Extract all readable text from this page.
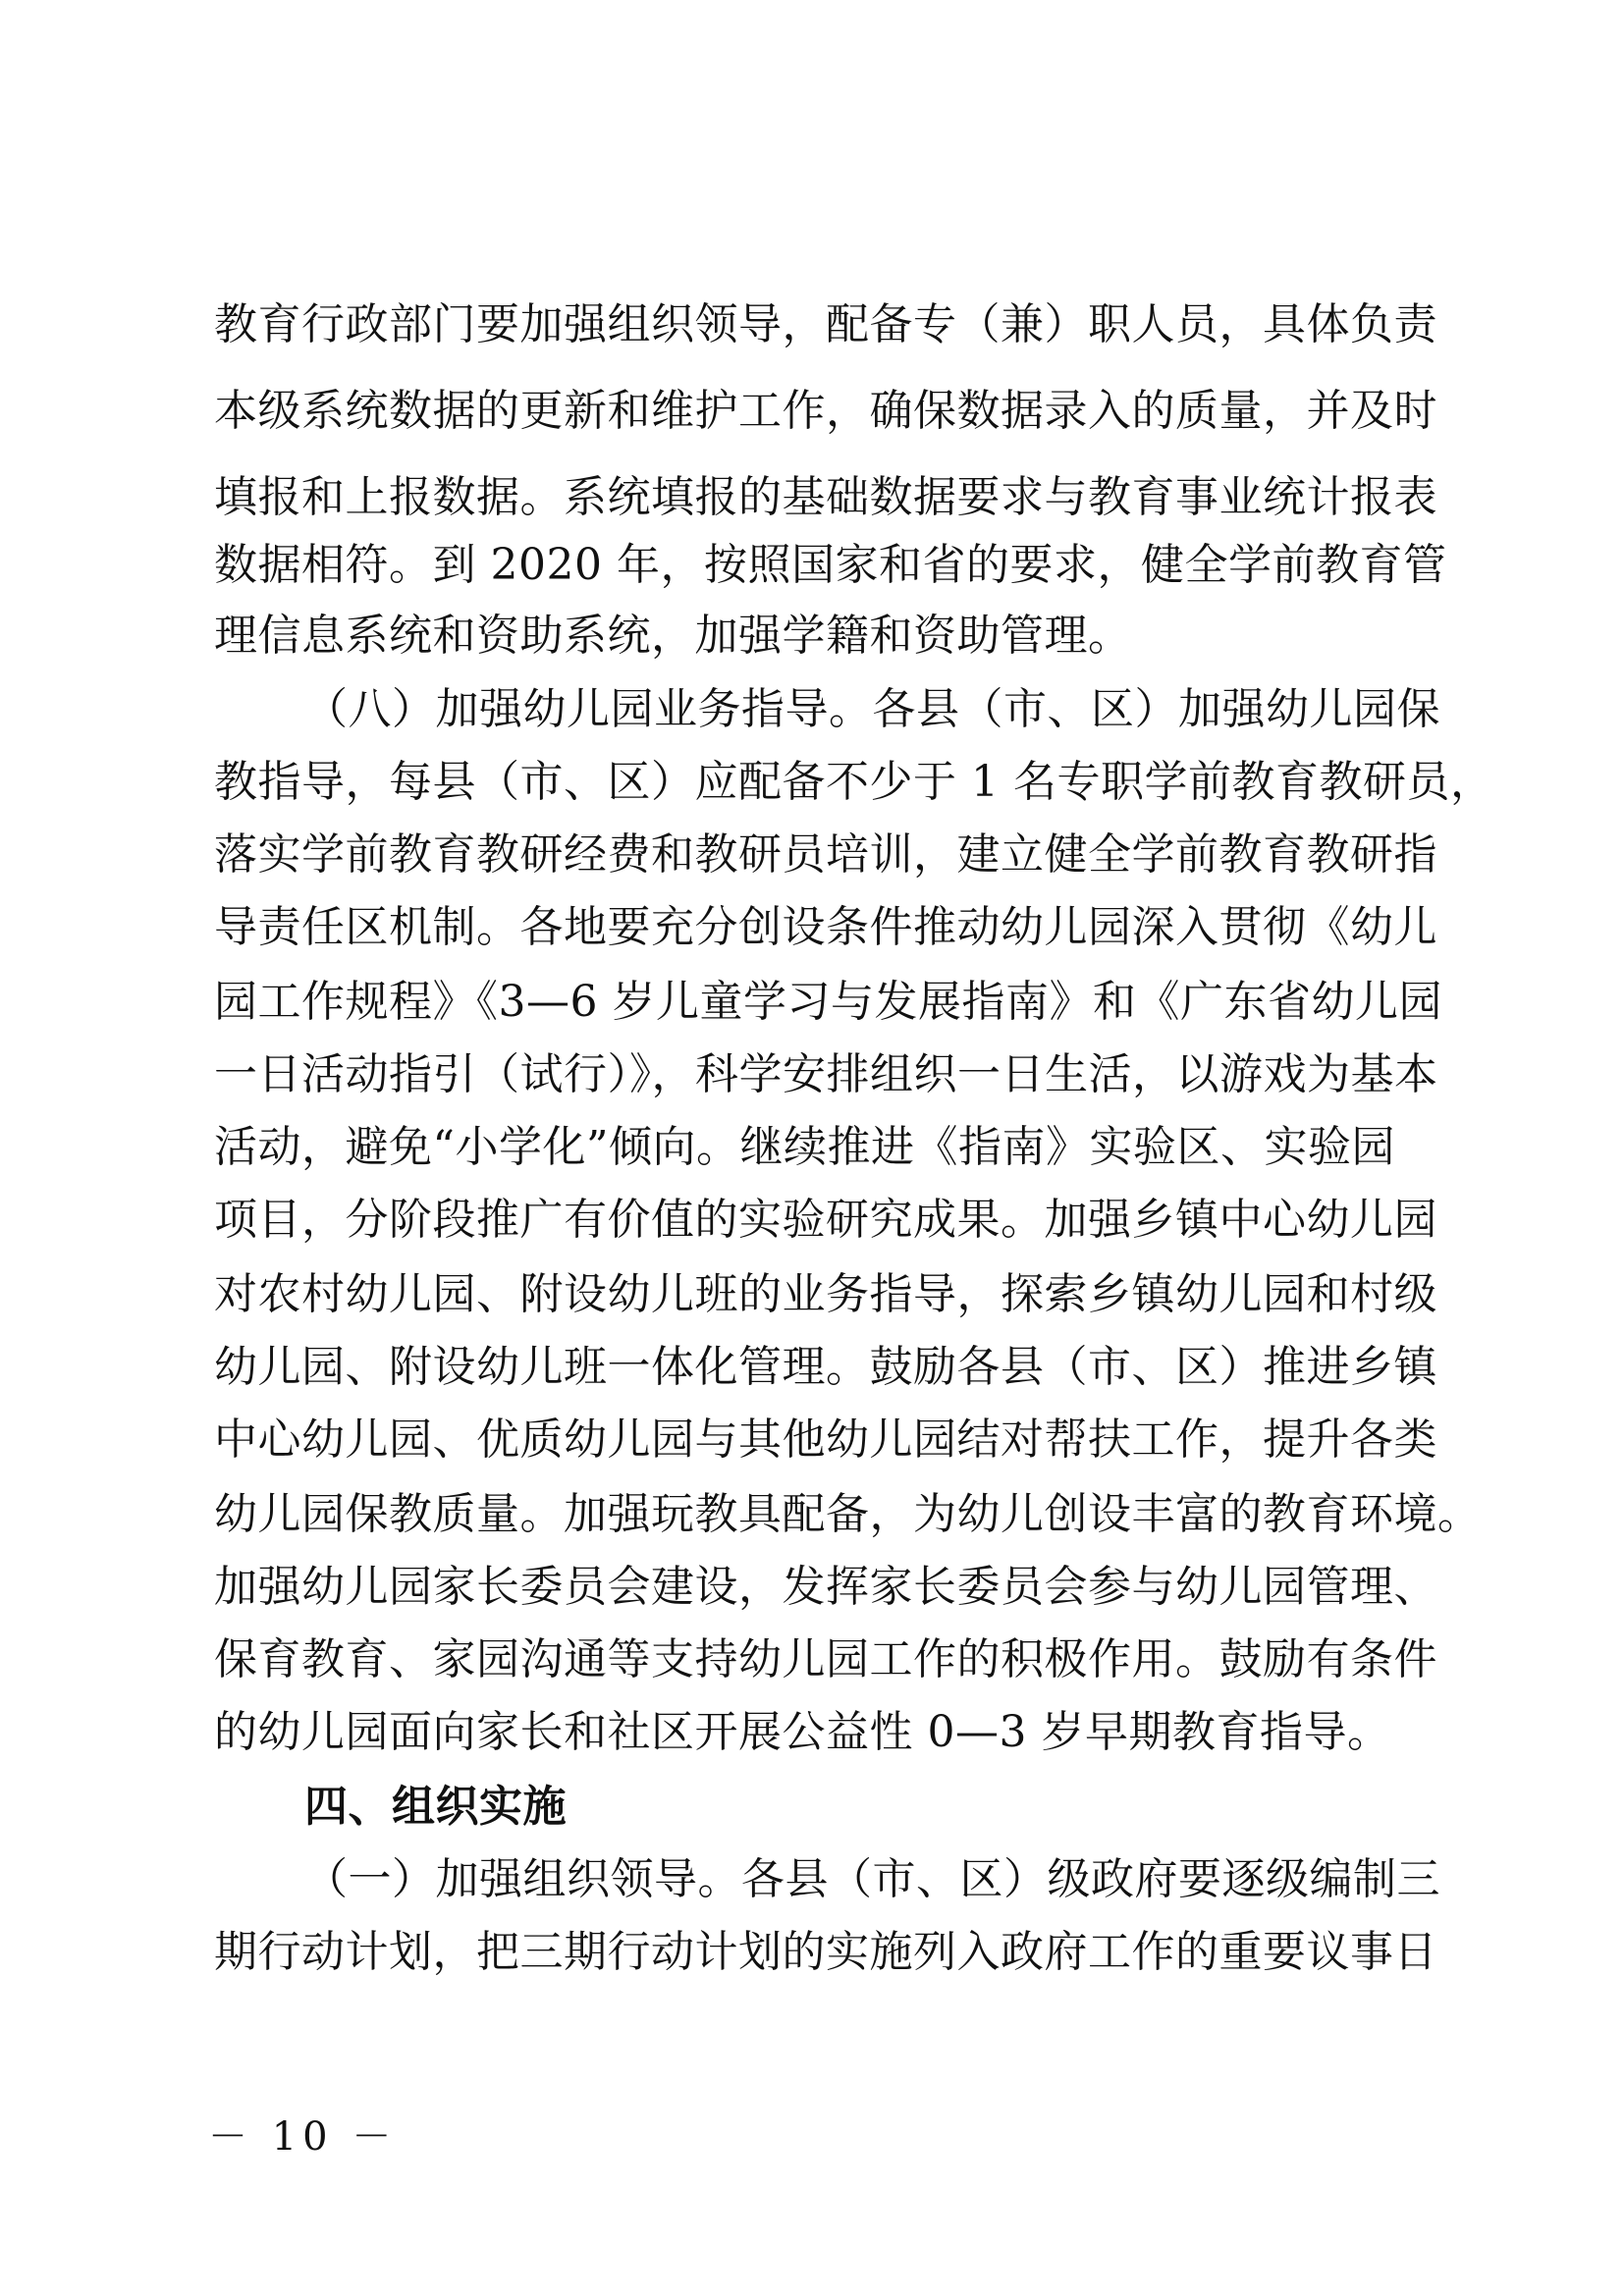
教育行政部门要加强组织领导，配备专（兼）职人员，具体负责
本级系统数据的更新和维护工作，确保数据录入的质量，并及时
填报和上报数据。系统填报的基础数据要求与教育事业统计报表
数据相符。到 2020 年，按照国家和省的要求，健全学前教育管
理信息系统和资助系统，加强学籍和资助管理。
（八）加强幼儿园业务指导。各县（市、区）加强幼儿园保
教指导，每县（市、区）应配备不少于 1 名专职学前教育教研员，
落实学前教育教研经费和教研员培训，建立健全学前教育教研指
导责任区机制。各地要充分创设条件推动幼儿园深入贯彻《幼儿
园工作规程》《3—6 岁儿童学习与发展指南》和《广东省幼儿园
一日活动指引（试行）》，科学安排组织一日生活，以游戏为基本
活动，避免“小学化”倾向。继续推进《指南》实验区、实验园
项目，分阶段推广有价值的实验研究成果。加强乡镇中心幼儿园
对农村幼儿园、附设幼儿班的业务指导，探索乡镇幼儿园和村级
幼儿园、附设幼儿班一体化管理。鼓励各县（市、区）推进乡镇
中心幼儿园、优质幼儿园与其他幼儿园结对帮扶工作，提升各类
幼儿园保教质量。加强玩教具配备，为幼儿创设丰富的教育环境。
加强幼儿园家长委员会建设，发挥家长委员会参与幼儿园管理、
保育教育、家园沟通等支持幼儿园工作的积极作用。鼓励有条件
的幼儿园面向家长和社区开展公益性 0—3 岁早期教育指导。
四、组织实施
（一）加强组织领导。各县（市、区）级政府要逐级编制三
期行动计划，把三期行动计划的实施列入政府工作的重要议事日
－ 10 －
